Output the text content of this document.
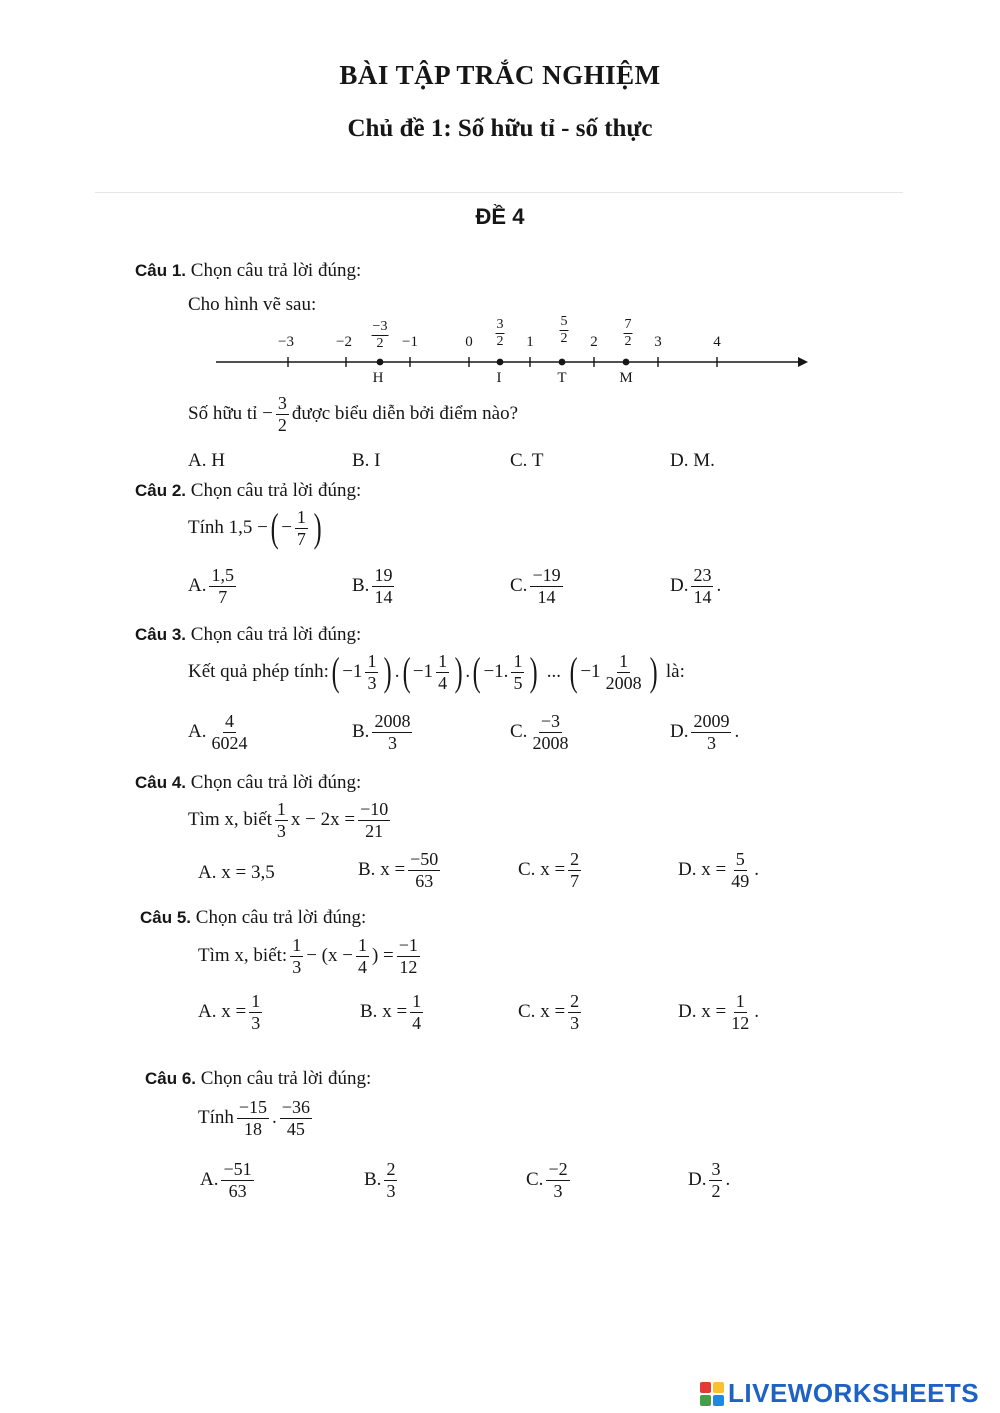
BÀI TẬP TRẮC NGHIỆM
Chủ đề 1: Số hữu tỉ - số thực
ĐỀ 4
Câu 1. Chọn câu trả lời đúng:
Cho hình vẽ sau:
−3	−2	−1	0	1	2	3	4
$\frac{-3}{2}$	$\frac{3}{2}$	$\frac{5}{2}$	$\frac{7}{2}$
H	I	T	M
Số hữu tỉ − $\frac{3}{2}$ được biểu diễn bởi điểm nào?
A. H	B. I	C. T	D. M.
Câu 2. Chọn câu trả lời đúng:
Tính 1,5 − ( − $\frac{1}{7}$ )
A. $\frac{1,5}{7}$	B. $\frac{19}{14}$	C. $\frac{-19}{14}$	D. $\frac{23}{14}$ .
Câu 3. Chọn câu trả lời đúng:
Kết quả phép tính: ( $-1 \frac{1}{3}$ ) . ( $-1 \frac{1}{4}$ ) . ( −1. $\frac{1}{5}$ ) ... ( $-1 \frac{1}{2008}$ ) là:
A. $\frac{4}{6024}$	B. $\frac{2008}{3}$	C. $\frac{-3}{2008}$	D. $\frac{2009}{3}$ .
Câu 4. Chọn câu trả lời đúng:
Tìm x, biết $\frac{1}{3}$ $x - 2x = \frac{-10}{21}$
A.
x = 3,5	B.
$x = \frac{-50}{63}$	C.
$x = \frac{2}{7}$	D.
$x = \frac{5}{49}$ .
Câu 5. Chọn câu trả lời đúng:
Tìm x, biết: $\frac{1}{3} - (x - \frac{1}{4}$ ) = $\frac{-1}{12}$
A.
$x = \frac{1}{3}$	B.
$x = \frac{1}{4}$	C.
$x = \frac{2}{3}$	D.
$x = \frac{1}{12}$ .
Câu 6. Chọn câu trả lời đúng:
Tính $\frac{-15}{18}$ . $\frac{-36}{45}$
A. $\frac{-51}{63}$	B. $\frac{2}{3}$	C. $\frac{-2}{3}$	D. $\frac{3}{2}$ .
LIVEWORKSHEETS
